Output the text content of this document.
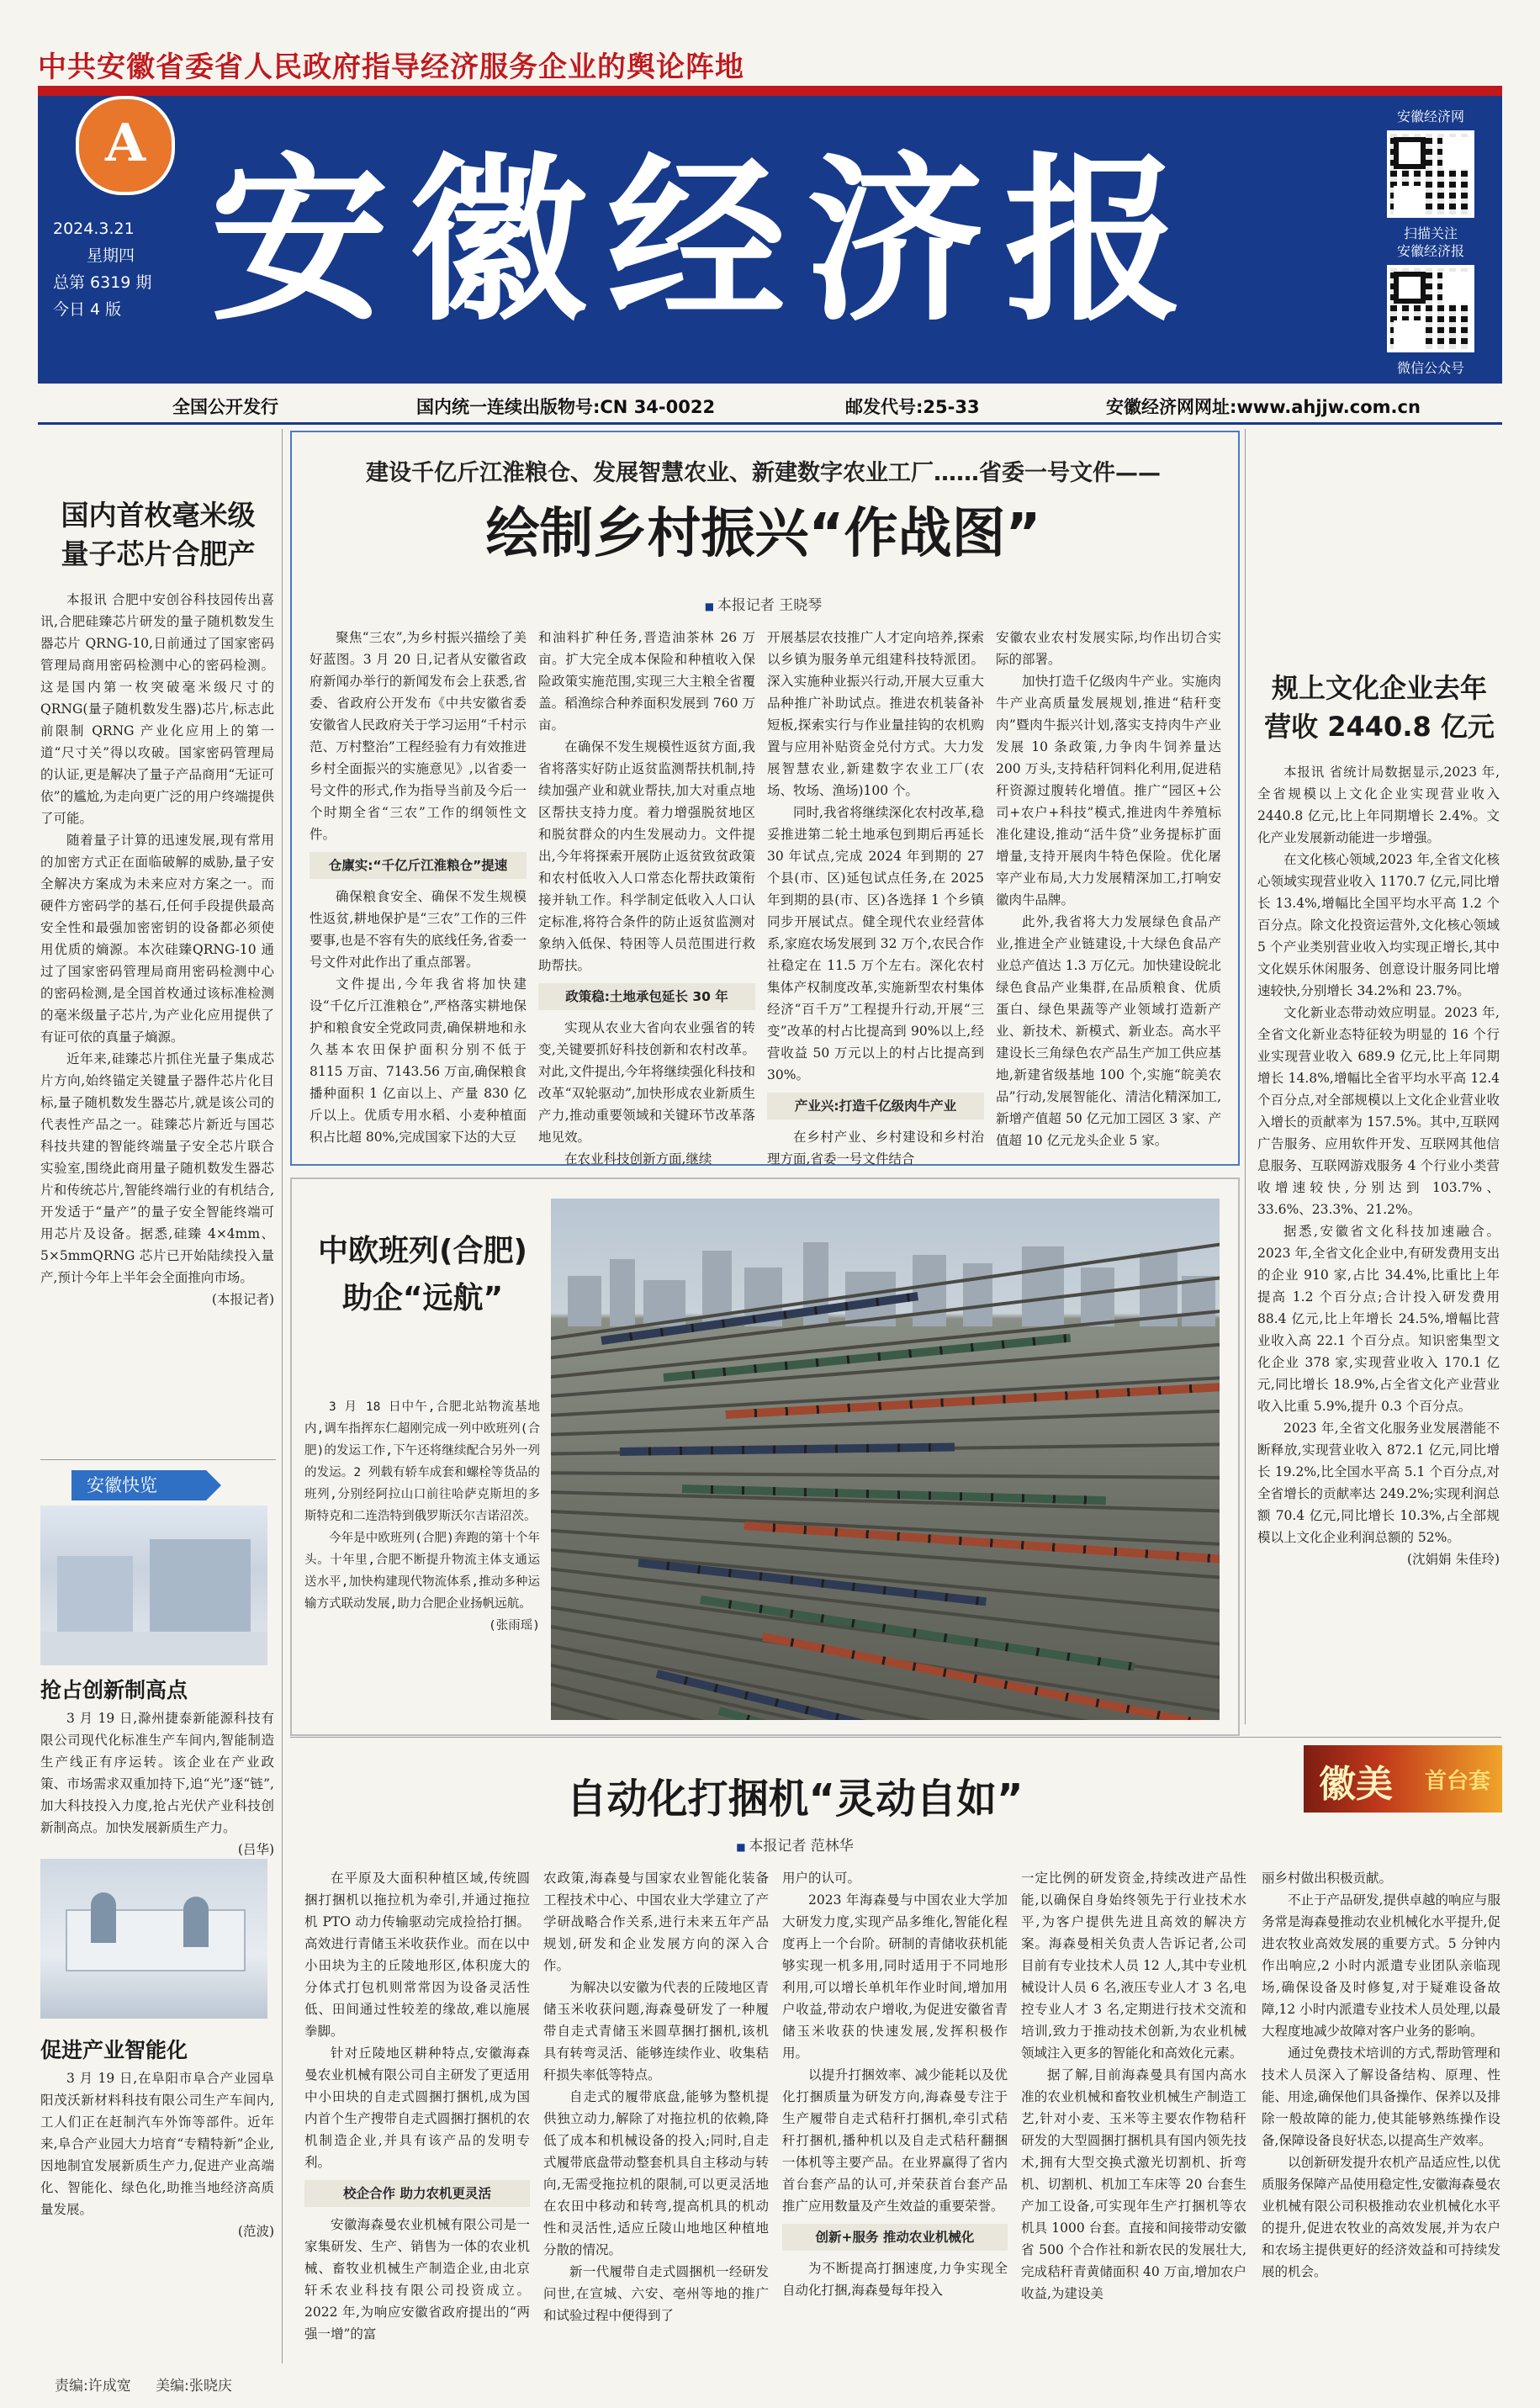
中共安徽省委省人民政府指导经济服务企业的舆论阵地
A
2024.3.21
星期四
总第 6319 期
今日 4 版 安徽经济报
安徽经济网
扫描关注
安徽经济报
微信公众号
全国公开发行	国内统一连续出版物号:CN 34-0022	邮发代号:25-33	安徽经济网网址:www.ahjjw.com.cn
国内首枚毫米级
量子芯片合肥产

本报讯 合肥中安创谷科技园传出喜讯,合肥硅臻芯片研发的量子随机数发生器芯片 QRNG-10,日前通过了国家密码管理局商用密码检测中心的密码检测。这是国内第一枚突破毫米级尺寸的QRNG(量子随机数发生器)芯片,标志此前限制 QRNG 产业化应用上的第一道“尺寸关”得以攻破。国家密码管理局的认证,更是解决了量子产品商用“无证可依”的尴尬,为走向更广泛的用户终端提供了可能。

随着量子计算的迅速发展,现有常用的加密方式正在面临破解的威胁,量子安全解决方案成为未来应对方案之一。而硬件方密码学的基石,任何手段提供最高安全性和最强加密密钥的设备都必须使用优质的熵源。本次硅臻QRNG-10 通过了国家密码管理局商用密码检测中心的密码检测,是全国首枚通过该标准检测的毫米级量子芯片,为产业化应用提供了有证可依的真量子熵源。

近年来,硅臻芯片抓住光量子集成芯片方向,始终锚定关键量子器件芯片化目标,量子随机数发生器芯片,就是该公司的代表性产品之一。硅臻芯片新近与国芯科技共建的智能终端量子安全芯片联合实验室,围绕此商用量子随机数发生器芯片和传统芯片,智能终端行业的有机结合,开发适于“量产”的量子安全智能终端可用芯片及设备。据悉,硅臻 4×4mm、5×5mmQRNG 芯片已开始陆续投入量产,预计今年上半年会全面推向市场。

(本报记者)

安徽快览
抢占创新制高点

3 月 19 日,滁州捷泰新能源科技有限公司现代化标准生产车间内,智能制造生产线正有序运转。该企业在产业政策、市场需求双重加持下,追“光”逐“链”,加大科技投入力度,抢占光伏产业科技创新制高点。加快发展新质生产力。

(吕华)

促进产业智能化

3 月 19 日,在阜阳市阜合产业园阜阳茂沃新材料科技有限公司生产车间内,工人们正在赶制汽车外饰等部件。近年来,阜合产业园大力培育“专精特新”企业,因地制宜发展新质生产力,促进产业高端化、智能化、绿色化,助推当地经济高质量发展。

(范波)

建设千亿斤江淮粮仓、发展智慧农业、新建数字农业工厂……省委一号文件——
绘制乡村振兴“作战图”
■ 本报记者 王晓琴

聚焦“三农”,为乡村振兴描绘了美好蓝图。3 月 20 日,记者从安徽省政府新闻办举行的新闻发布会上获悉,省委、省政府公开发布《中共安徽省委 安徽省人民政府关于学习运用“千村示范、万村整治”工程经验有力有效推进乡村全面振兴的实施意见》,以省委一号文件的形式,作为指导当前及今后一个时期全省“三农”工作的纲领性文件。

仓廪实:“千亿斤江淮粮仓”提速

确保粮食安全、确保不发生规模性返贫,耕地保护是“三农”工作的三件要事,也是不容有失的底线任务,省委一号文件对此作出了重点部署。

文件提出,今年我省将加快建设“千亿斤江淮粮仓”,严格落实耕地保护和粮食安全党政同责,确保耕地和永久基本农田保护面积分别不低于 8115 万亩、7143.56 万亩,确保粮食播种面积 1 亿亩以上、产量 830 亿斤以上。优质专用水稻、小麦种植面积占比超 80%,完成国家下达的大豆

和油料扩种任务,晋造油茶林 26 万亩。扩大完全成本保险和种植收入保险政策实施范围,实现三大主粮全省覆盖。稻渔综合种养面积发展到 760 万亩。

在确保不发生规模性返贫方面,我省将落实好防止返贫监测帮扶机制,持续加强产业和就业帮扶,加大对重点地区帮扶支持力度。着力增强脱贫地区和脱贫群众的内生发展动力。文件提出,今年将探索开展防止返贫致贫政策和农村低收入人口常态化帮扶政策衔接并轨工作。科学制定低收入人口认定标准,将符合条件的防止返贫监测对象纳入低保、特困等人员范围进行救助帮扶。

政策稳:土地承包延长 30 年

实现从农业大省向农业强省的转变,关键要抓好科技创新和农村改革。对此,文件提出,今年将继续强化科技和改革“双轮驱动”,加快形成农业新质生产力,推动重要领域和关键环节改革落地见效。

在农业科技创新方面,继续

开展基层农技推广人才定向培养,探索以乡镇为服务单元组建科技特派团。深入实施种业振兴行动,开展大豆重大品种推广补助试点。推进农机装备补短板,探索实行与作业量挂钩的农机购置与应用补贴资金兑付方式。大力发展智慧农业,新建数字农业工厂(农场、牧场、渔场)100 个。

同时,我省将继续深化农村改革,稳妥推进第二轮土地承包到期后再延长 30 年试点,完成 2024 年到期的 27 个县(市、区)延包试点任务,在 2025 年到期的县(市、区)各选择 1 个乡镇同步开展试点。健全现代农业经营体系,家庭农场发展到 32 万个,农民合作社稳定在 11.5 万个左右。深化农村集体产权制度改革,实施新型农村集体经济“百千万”工程提升行动,开展“三变”改革的村占比提高到 90%以上,经营收益 50 万元以上的村占比提高到 30%。

产业兴:打造千亿级肉牛产业

在乡村产业、乡村建设和乡村治理方面,省委一号文件结合

安徽农业农村发展实际,均作出切合实际的部署。

加快打造千亿级肉牛产业。实施肉牛产业高质量发展规划,推进“秸秆变肉”暨肉牛振兴计划,落实支持肉牛产业发展 10 条政策,力争肉牛饲养量达 200 万头,支持秸秆饲料化利用,促进秸秆资源过腹转化增值。推广“园区+公司+农户+科技”模式,推进肉牛养殖标准化建设,推动“活牛贷”业务提标扩面增量,支持开展肉牛特色保险。优化屠宰产业布局,大力发展精深加工,打响安徽肉牛品牌。

此外,我省将大力发展绿色食品产业,推进全产业链建设,十大绿色食品产业总产值达 1.3 万亿元。加快建设皖北绿色食品产业集群,在品质粮食、优质蛋白、绿色果蔬等产业领域打造新产业、新技术、新模式、新业态。高水平建设长三角绿色农产品生产加工供应基地,新建省级基地 100 个,实施“皖美农品”行动,发展智能化、清洁化精深加工,新增产值超 50 亿元加工园区 3 家、产值超 10 亿元龙头企业 5 家。

规上文化企业去年
营收 2440.8 亿元

本报讯 省统计局数据显示,2023 年,全省规模以上文化企业实现营业收入 2440.8 亿元,比上年同期增长 2.4%。文化产业发展新动能进一步增强。

在文化核心领域,2023 年,全省文化核心领域实现营业收入 1170.7 亿元,同比增长 13.4%,增幅比全国平均水平高 1.2 个百分点。除文化投资运营外,文化核心领域 5 个产业类别营业收入均实现正增长,其中文化娱乐休闲服务、创意设计服务同比增速较快,分别增长 34.2%和 23.7%。

文化新业态带动效应明显。2023 年,全省文化新业态特征较为明显的 16 个行业实现营业收入 689.9 亿元,比上年同期增长 14.8%,增幅比全省平均水平高 12.4 个百分点,对全部规模以上文化企业营业收入增长的贡献率为 157.5%。其中,互联网广告服务、应用软件开发、互联网其他信息服务、互联网游戏服务 4 个行业小类营收增速较快,分别达到 103.7%、33.6%、23.3%、21.2%。

据悉,安徽省文化科技加速融合。2023 年,全省文化企业中,有研发费用支出的企业 910 家,占比 34.4%,比重比上年提高 1.2 个百分点;合计投入研发费用 88.4 亿元,比上年增长 24.5%,增幅比营业收入高 22.1 个百分点。知识密集型文化企业 378 家,实现营业收入 170.1 亿元,同比增长 18.9%,占全省文化产业营业收入比重 5.9%,提升 0.3 个百分点。

2023 年,全省文化服务业发展潜能不断释放,实现营业收入 872.1 亿元,同比增长 19.2%,比全国水平高 5.1 个百分点,对全省增长的贡献率达 249.2%;实现利润总额 70.4 亿元,同比增长 10.3%,占全部规模以上文化企业利润总额的 52%。

(沈娟娟 朱佳玲)

中欧班列(合肥)
助企“远航”

3 月 18 日中午,合肥北站物流基地内,调车指挥东仁超刚完成一列中欧班列(合肥)的发运工作,下午还将继续配合另外一列的发运。2 列载有轿车成套和螺栓等货品的班列,分别经阿拉山口前往哈萨克斯坦的多斯特克和二连浩特到俄罗斯沃尔吉诺沼茨。

今年是中欧班列(合肥)奔跑的第十个年头。十年里,合肥不断提升物流主体支通运送水平,加快构建现代物流体系,推动多种运输方式联动发展,助力合肥企业扬帆远航。

(张雨瑶)

自动化打捆机“灵动自如”
■ 本报记者 范林华
徽美 首台套

在平原及大面积种植区域,传统圆捆打捆机以拖拉机为牵引,并通过拖拉机 PTO 动力传输驱动完成捡拾打捆。高效进行青储玉米收获作业。而在以中小田块为主的丘陵地形区,体积庞大的分体式打包机则常常因为设备灵活性低、田间通过性较差的缘故,难以施展拳脚。

针对丘陵地区耕种特点,安徽海森曼农业机械有限公司自主研发了更适用中小田块的自走式圆捆打捆机,成为国内首个生产搜带自走式圆捆打捆机的农机制造企业,并具有该产品的发明专利。

校企合作 助力农机更灵活

安徽海森曼农业机械有限公司是一家集研发、生产、销售为一体的农业机械、畜牧业机械生产制造企业,由北京轩禾农业科技有限公司投资成立。2022 年,为响应安徽省政府提出的“两强一增”的富

农政策,海森曼与国家农业智能化装备工程技术中心、中国农业大学建立了产学研战略合作关系,进行未来五年产品规划,研发和企业发展方向的深入合作。

为解决以安徽为代表的丘陵地区青储玉米收获问题,海森曼研发了一种履带自走式青储玉米圆草捆打捆机,该机具有转弯灵活、能够连续作业、收集秸秆损失率低等特点。

自走式的履带底盘,能够为整机提供独立动力,解除了对拖拉机的依赖,降低了成本和机械设备的投入;同时,自走式履带底盘带动整套机具自主移动与转向,无需受拖拉机的限制,可以更灵活地在农田中移动和转弯,提高机具的机动性和灵活性,适应丘陵山地地区种植地分散的情况。

新一代履带自走式圆捆机一经研发问世,在宣城、六安、亳州等地的推广和试验过程中便得到了

用户的认可。

2023 年海森曼与中国农业大学加大研发力度,实现产品多维化,智能化程度再上一个台阶。研制的青储收获机能够实现一机多用,同时适用于不同地形利用,可以增长单机年作业时间,增加用户收益,带动农户增收,为促进安徽省青储玉米收获的快速发展,发挥积极作用。

以提升打捆效率、减少能耗以及优化打捆质量为研发方向,海森曼专注于生产履带自走式秸秆打捆机,牵引式秸秆打捆机,播种机以及自走式秸秆翻捆一体机等主要产品。在业界赢得了省内首台套产品的认可,并荣获首台套产品推广应用数量及产生效益的重要荣誉。

创新+服务 推动农业机械化

为不断提高打捆速度,力争实现全自动化打捆,海森曼每年投入

一定比例的研发资金,持续改进产品性能,以确保自身始终领先于行业技术水平,为客户提供先进且高效的解决方案。海森曼相关负责人告诉记者,公司目前有专业技术人员 12 人,其中专业机械设计人员 6 名,液压专业人才 3 名,电控专业人才 3 名,定期进行技术交流和培训,致力于推动技术创新,为农业机械领域注入更多的智能化和高效化元素。

据了解,目前海森曼具有国内高水准的农业机械和畜牧业机械生产制造工艺,针对小麦、玉米等主要农作物秸秆研发的大型圆捆打捆机具有国内领先技术,拥有大型交换式激光切割机、折弯机、切割机、机加工车床等 20 台套生产加工设备,可实现年生产打捆机等农机具 1000 台套。直接和间接带动安徽省 500 个合作社和新农民的发展壮大,完成秸秆青黄储面积 40 万亩,增加农户收益,为建设美

丽乡村做出积极贡献。

不止于产品研发,提供卓越的响应与服务常是海森曼推动农业机械化水平提升,促进农牧业高效发展的重要方式。5 分钟内作出响应,2 小时内派遣专业团队亲临现场,确保设备及时修复,对于疑难设备故障,12 小时内派遣专业技术人员处理,以最大程度地减少故障对客户业务的影响。

通过免费技术培训的方式,帮助管理和技术人员深入了解设备结构、原理、性能、用途,确保他们具备操作、保养以及排除一般故障的能力,使其能够熟练操作设备,保障设备良好状态,以提高生产效率。

以创新研发提升农机产品适应性,以优质服务保障产品使用稳定性,安徽海森曼农业机械有限公司积极推动农业机械化水平的提升,促进农牧业的高效发展,并为农户和农场主提供更好的经济效益和可持续发展的机会。

责编:许成宽 美编:张晓庆
